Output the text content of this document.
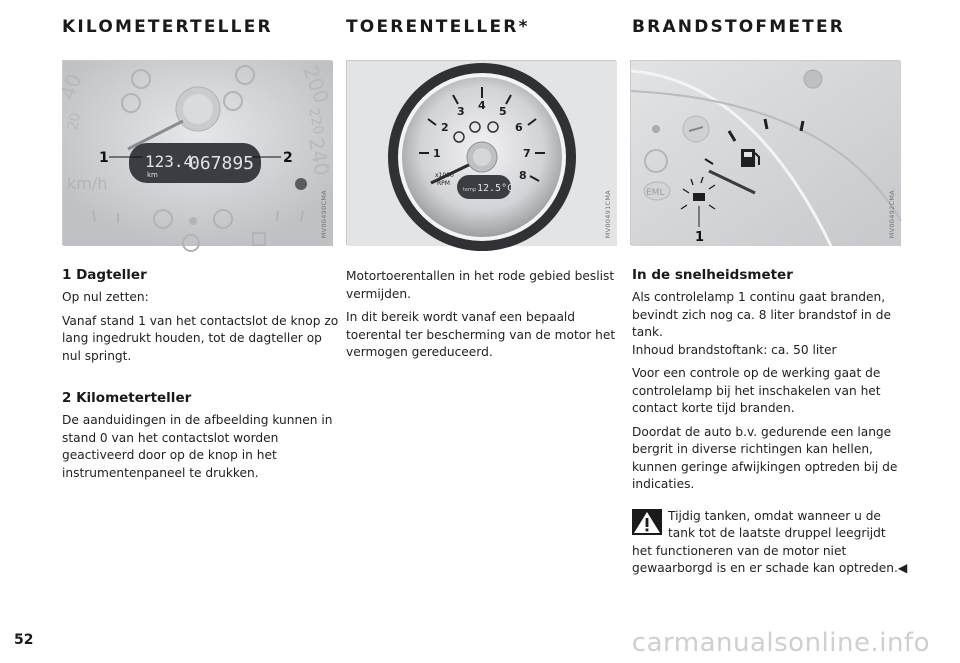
KILOMETERTELLER	TOERENTELLER*	BRANDSTOFMETER
40
20
200
220
240
km/h
123.4
067895
km
1	2
MV00490CMA
1
2
3 4 5
6
7
8
x1000
RPM
temp 12.5°C
MV00491CMA	EML
1	MV00492CMA
1 Dagteller
Op nul zetten:
Vanaf stand 1 van het contactslot de knop zo lang ingedrukt houden, tot de dagteller op nul springt.
2 Kilometerteller
De aanduidingen in de afbeelding kunnen in stand 0 van het contactslot worden geactiveerd door op de knop in het instrumentenpaneel te drukken.
Motortoerentallen in het rode gebied beslist vermijden.
In dit bereik wordt vanaf een bepaald toerental ter bescherming van de motor het vermogen gereduceerd.
In de snelheidsmeter
Als controlelamp 1 continu gaat branden, bevindt zich nog ca. 8 liter brandstof in de tank.
Inhoud brandstoftank: ca. 50 liter
Voor een controle op de werking gaat de controlelamp bij het inschakelen van het contact korte tijd branden.
Doordat de auto b.v. gedurende een lange bergrit in diverse richtingen kan hellen, kunnen geringe afwijkingen optreden bij de indicaties.
Tijdig tanken, omdat wanneer u de
tank tot de laatste druppel leegrijdt
het functioneren van de motor niet gewaarborgd is en er schade kan optreden.◀
52	carmanualsonline.info
